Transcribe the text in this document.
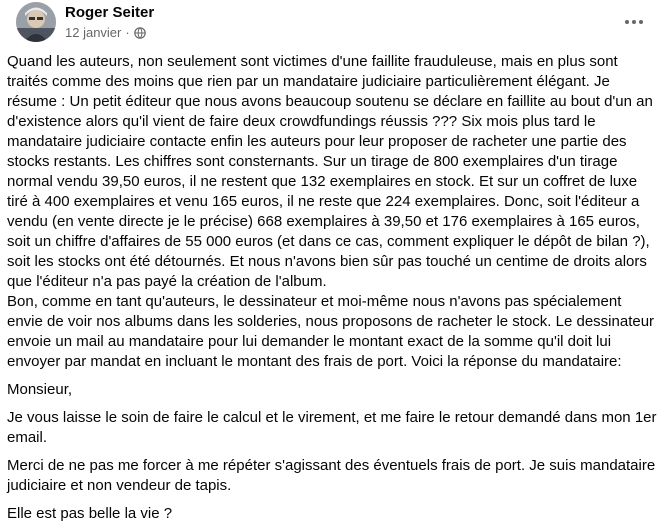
Roger Seiter
12 janvier ·

Quand les auteurs, non seulement sont victimes d'une faillite frauduleuse, mais en plus sont traités comme des moins que rien par un mandataire judiciaire particulièrement élégant. Je résume : Un petit éditeur que nous avons beaucoup soutenu se déclare en faillite au bout d'un an d'existence alors qu'il vient de faire deux crowdfundings réussis ??? Six mois plus tard le mandataire judiciaire contacte enfin les auteurs pour leur proposer de racheter une partie des stocks restants. Les chiffres sont consternants. Sur un tirage de 800 exemplaires d'un tirage normal vendu 39,50 euros, il ne restent que 132 exemplaires en stock. Et sur un coffret de luxe tiré à 400 exemplaires et venu 165 euros, il ne reste que 224 exemplaires. Donc, soit l'éditeur a vendu (en vente directe je le précise) 668 exemplaires à 39,50 et 176 exemplaires à 165 euros, soit un chiffre d'affaires de 55 000 euros (et dans ce cas, comment expliquer le dépôt de bilan ?), soit les stocks ont été détournés. Et nous n'avons bien sûr pas touché un centime de droits alors que l'éditeur n'a pas payé la création de l'album.

Bon, comme en tant qu'auteurs, le dessinateur et moi-même nous n'avons pas spécialement envie de voir nos albums dans les solderies, nous proposons de racheter le stock. Le dessinateur envoie un mail au mandataire pour lui demander le montant exact de la somme qu'il doit lui envoyer par mandat en incluant le montant des frais de port. Voici la réponse du mandataire:

Monsieur,

Je vous laisse le soin de faire le calcul et le virement, et me faire le retour demandé dans mon 1er email.

Merci de ne pas me forcer à me répéter s'agissant des éventuels frais de port. Je suis mandataire judiciaire et non vendeur de tapis.

Elle est pas belle la vie ?
